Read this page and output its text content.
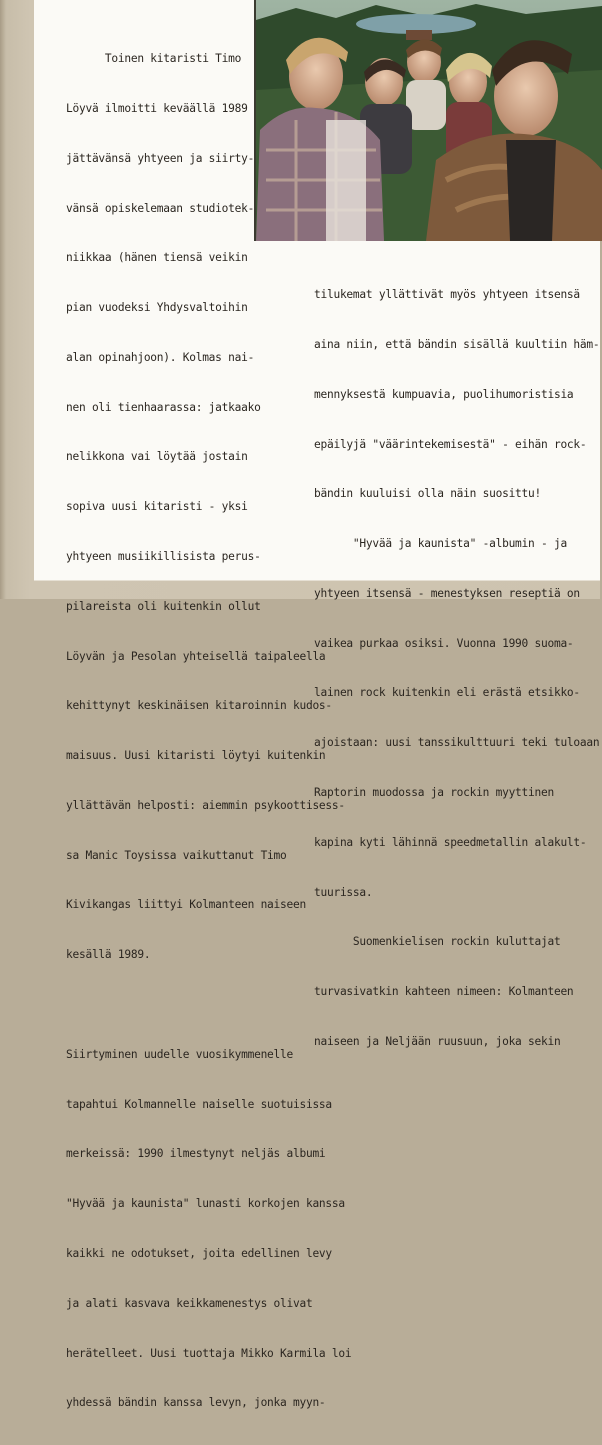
Toinen kitaristi Timo

Löyvä ilmoitti keväällä 1989

jättävänsä yhtyeen ja siirty-

vänsä opiskelemaan studiotek-

niikkaa (hänen tiensä veikin

pian vuodeksi Yhdysvaltoihin

alan opinahjoon). Kolmas nai-

nen oli tienhaarassa: jatkaako

nelikkona vai löytää jostain

sopiva uusi kitaristi - yksi

yhtyeen musiikillisista perus-

pilareista oli kuitenkin ollut

Löyvän ja Pesolan yhteisellä taipaleella

kehittynyt keskinäisen kitaroinnin kudos-

maisuus. Uusi kitaristi löytyi kuitenkin

yllättävän helposti: aiemmin psykoottisess-

sa Manic Toysissa vaikuttanut Timo

Kivikangas liittyi Kolmanteen naiseen

kesällä 1989.

Siirtyminen uudelle vuosikymmenelle

tapahtui Kolmannelle naiselle suotuisissa

merkeissä: 1990 ilmestynyt neljäs albumi

"Hyvää ja kaunista" lunasti korkojen kanssa

kaikki ne odotukset, joita edellinen levy

ja alati kasvava keikkamenestys olivat

herätelleet. Uusi tuottaja Mikko Karmila loi

yhdessä bändin kanssa levyn, jonka myyn-

tilukemat yllättivät myös yhtyeen itsensä

aina niin, että bändin sisällä kuultiin häm-

mennyksestä kumpuavia, puolihumoristisia

epäilyjä "väärintekemisestä" - eihän rock-

bändin kuuluisi olla näin suosittu!

"Hyvää ja kaunista" -albumin - ja

yhtyeen itsensä - menestyksen reseptiä on

vaikea purkaa osiksi. Vuonna 1990 suoma-

lainen rock kuitenkin eli erästä etsikko-

ajoistaan: uusi tanssikulttuuri teki tuloaan

Raptorin muodossa ja rockin myyttinen

kapina kyti lähinnä speedmetallin alakult-

tuurissa.

Suomenkielisen rockin kuluttajat

turvasivatkin kahteen nimeen: Kolmanteen

naiseen ja Neljään ruusuun, joka sekin
